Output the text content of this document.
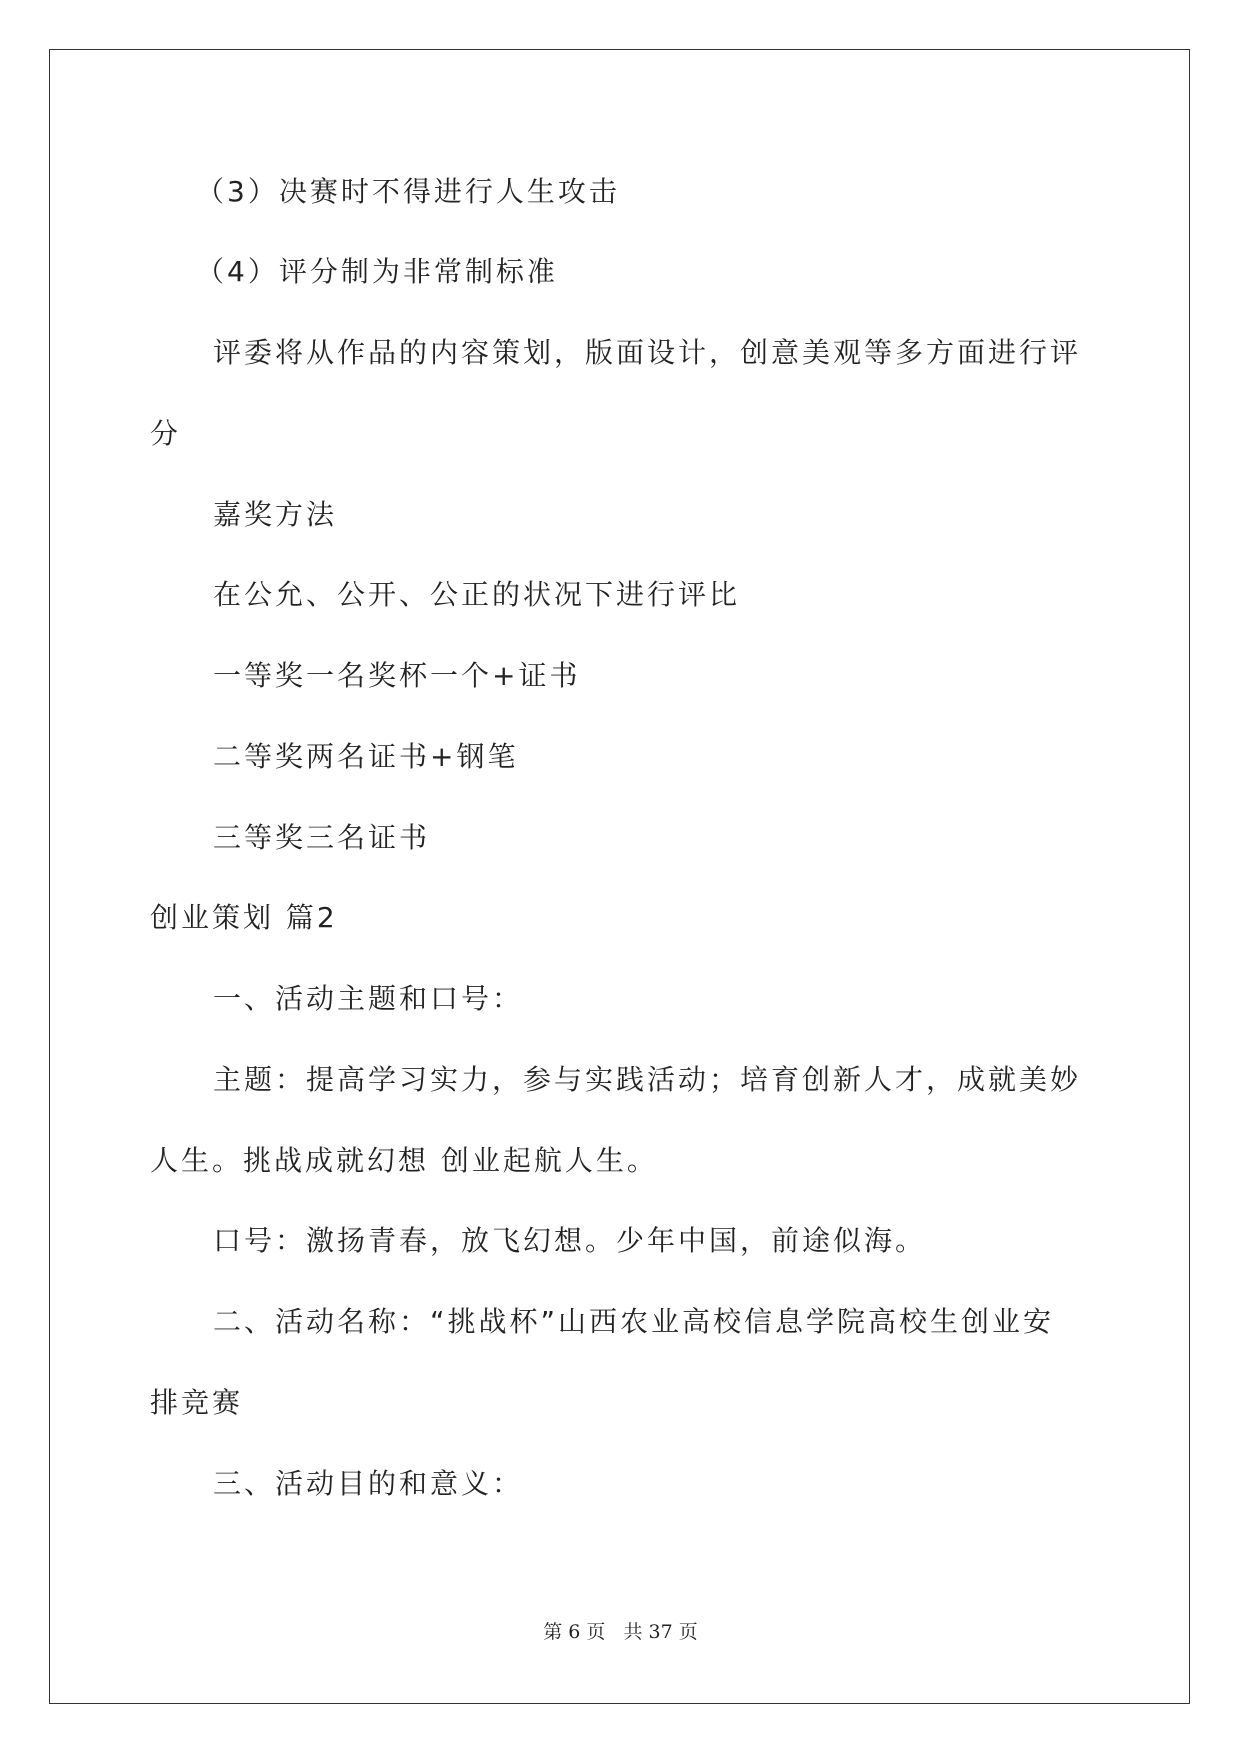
（3）决赛时不得进行人生攻击
（4）评分制为非常制标准
评委将从作品的内容策划，版面设计，创意美观等多方面进行评
分
嘉奖方法
在公允、公开、公正的状况下进行评比
一等奖一名奖杯一个+证书
二等奖两名证书+钢笔
三等奖三名证书
创业策划 篇2
一、活动主题和口号：
主题：提高学习实力，参与实践活动；培育创新人才，成就美妙
人生。挑战成就幻想 创业起航人生。
口号：激扬青春，放飞幻想。少年中国，前途似海。
二、活动名称：“挑战杯”山西农业高校信息学院高校生创业安
排竞赛
三、活动目的和意义：
第 6 页 共 37 页
